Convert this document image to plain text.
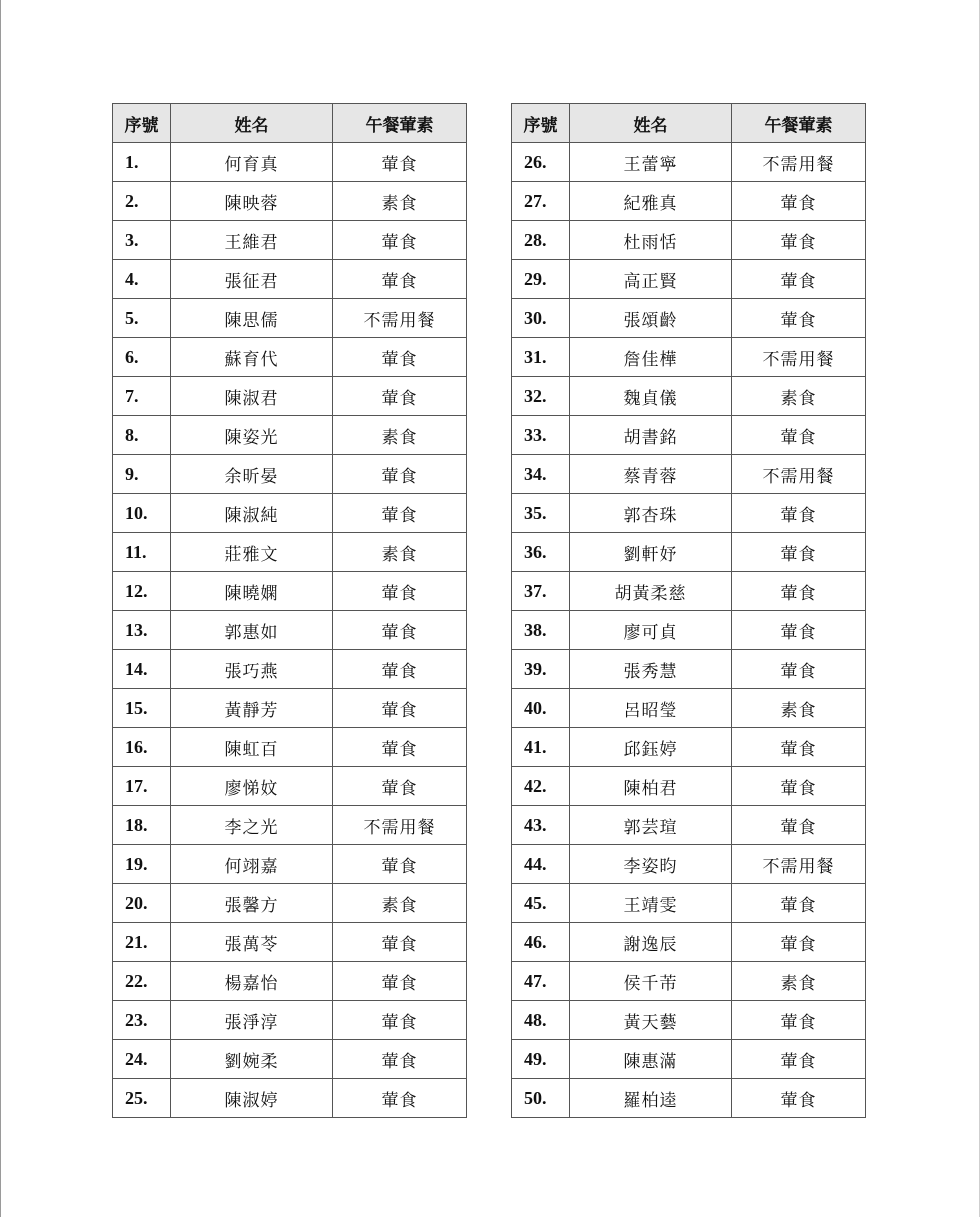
序號	姓名	午餐葷素
1.	何育真	葷食
2.	陳映蓉	素食
3.	王維君	葷食
4.	張征君	葷食
5.	陳思儒	不需用餐
6.	蘇育代	葷食
7.	陳淑君	葷食
8.	陳姿光	素食
9.	余昕晏	葷食
10.	陳淑純	葷食
11.	莊雅文	素食
12.	陳曉嫻	葷食
13.	郭惠如	葷食
14.	張巧燕	葷食
15.	黃靜芳	葷食
16.	陳虹百	葷食
17.	廖悌妏	葷食
18.	李之光	不需用餐
19.	何翊嘉	葷食
20.	張馨方	素食
21.	張萬苓	葷食
22.	楊嘉怡	葷食
23.	張淨淳	葷食
24.	劉婉柔	葷食
25.	陳淑婷	葷食
序號	姓名	午餐葷素
26.	王蕾寧	不需用餐
27.	紀雅真	葷食
28.	杜雨恬	葷食
29.	高正賢	葷食
30.	張頌齡	葷食
31.	詹佳樺	不需用餐
32.	魏貞儀	素食
33.	胡書銘	葷食
34.	蔡青蓉	不需用餐
35.	郭杏珠	葷食
36.	劉軒妤	葷食
37.	胡黃柔慈	葷食
38.	廖可貞	葷食
39.	張秀慧	葷食
40.	呂昭瑩	素食
41.	邱鈺婷	葷食
42.	陳柏君	葷食
43.	郭芸瑄	葷食
44.	李姿昀	不需用餐
45.	王靖雯	葷食
46.	謝逸辰	葷食
47.	侯千芾	素食
48.	黃天藝	葷食
49.	陳惠滿	葷食
50.	羅柏逵	葷食
